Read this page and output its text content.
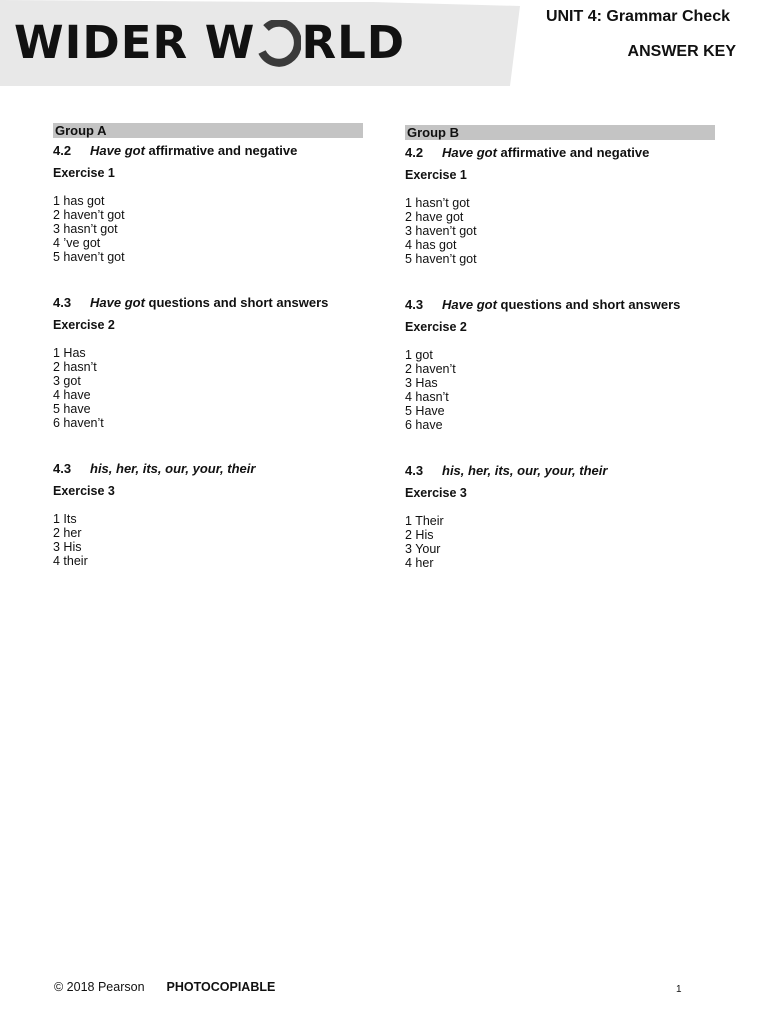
WIDER W RLD	UNIT 4: Grammar Check
ANSWER KEY
Group A
4.2 Have got affirmative and negative
Exercise 1
1 has got
2 haven’t got
3 hasn’t got
4 ’ve got
5 haven’t got
4.3 Have got questions and short answers
Exercise 2
1 Has
2 hasn’t
3 got
4 have
5 have
6 haven’t
4.3 his, her, its, our, your, their
Exercise 3
1 Its
2 her
3 His
4 their
Group B
4.2 Have got affirmative and negative
Exercise 1
1 hasn’t got
2 have got
3 haven’t got
4 has got
5 haven’t got
4.3 Have got questions and short answers
Exercise 2
1 got
2 haven’t
3 Has
4 hasn’t
5 Have
6 have
4.3 his, her, its, our, your, their
Exercise 3
1 Their
2 His
3 Your
4 her
© 2018 Pearson PHOTOCOPIABLE	1
